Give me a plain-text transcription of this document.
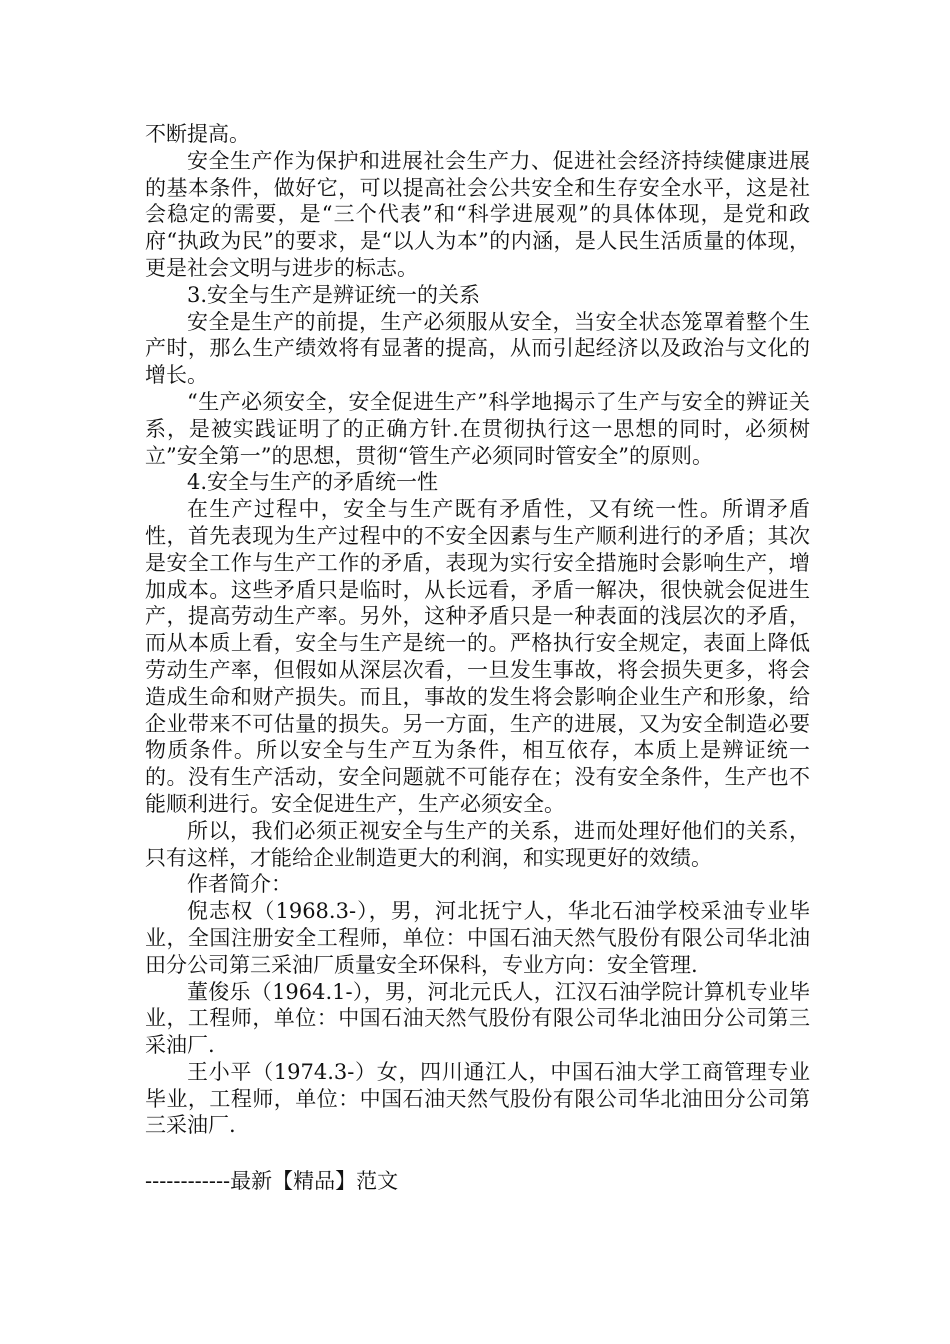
不断提高。

安全生产作为保护和进展社会生产力、促进社会经济持续健康进展的基本条件，做好它，可以提高社会公共安全和生存安全水平，这是社会稳定的需要，是“三个代表”和“科学进展观”的具体体现，是党和政府“执政为民”的要求，是“以人为本”的内涵，是人民生活质量的体现，更是社会文明与进步的标志。

3.安全与生产是辨证统一的关系

安全是生产的前提，生产必须服从安全，当安全状态笼罩着整个生产时，那么生产绩效将有显著的提高，从而引起经济以及政治与文化的增长。

“生产必须安全，安全促进生产”科学地揭示了生产与安全的辨证关系，是被实践证明了的正确方针.在贯彻执行这一思想的同时，必须树立”安全第一”的思想，贯彻“管生产必须同时管安全”的原则。

4.安全与生产的矛盾统一性

在生产过程中，安全与生产既有矛盾性，又有统一性。所谓矛盾性，首先表现为生产过程中的不安全因素与生产顺利进行的矛盾；其次是安全工作与生产工作的矛盾，表现为实行安全措施时会影响生产，增加成本。这些矛盾只是临时，从长远看，矛盾一解决，很快就会促进生产，提高劳动生产率。另外，这种矛盾只是一种表面的浅层次的矛盾，而从本质上看，安全与生产是统一的。严格执行安全规定，表面上降低劳动生产率，但假如从深层次看，一旦发生事故，将会损失更多，将会造成生命和财产损失。而且，事故的发生将会影响企业生产和形象，给企业带来不可估量的损失。另一方面，生产的进展，又为安全制造必要物质条件。所以安全与生产互为条件，相互依存，本质上是辨证统一的。没有生产活动，安全问题就不可能存在；没有安全条件，生产也不能顺利进行。安全促进生产，生产必须安全。

所以，我们必须正视安全与生产的关系，进而处理好他们的关系，只有这样，才能给企业制造更大的利润，和实现更好的效绩。

作者简介：

倪志权（1968.3-），男，河北抚宁人，华北石油学校采油专业毕业，全国注册安全工程师，单位：中国石油天然气股份有限公司华北油田分公司第三采油厂质量安全环保科，专业方向：安全管理.

董俊乐（1964.1-），男，河北元氏人，江汉石油学院计算机专业毕业，工程师，单位：中国石油天然气股份有限公司华北油田分公司第三采油厂.

王小平（1974.3-）女，四川通江人，中国石油大学工商管理专业毕业，工程师，单位：中国石油天然气股份有限公司华北油田分公司第三采油厂.

------------最新【精品】范文
